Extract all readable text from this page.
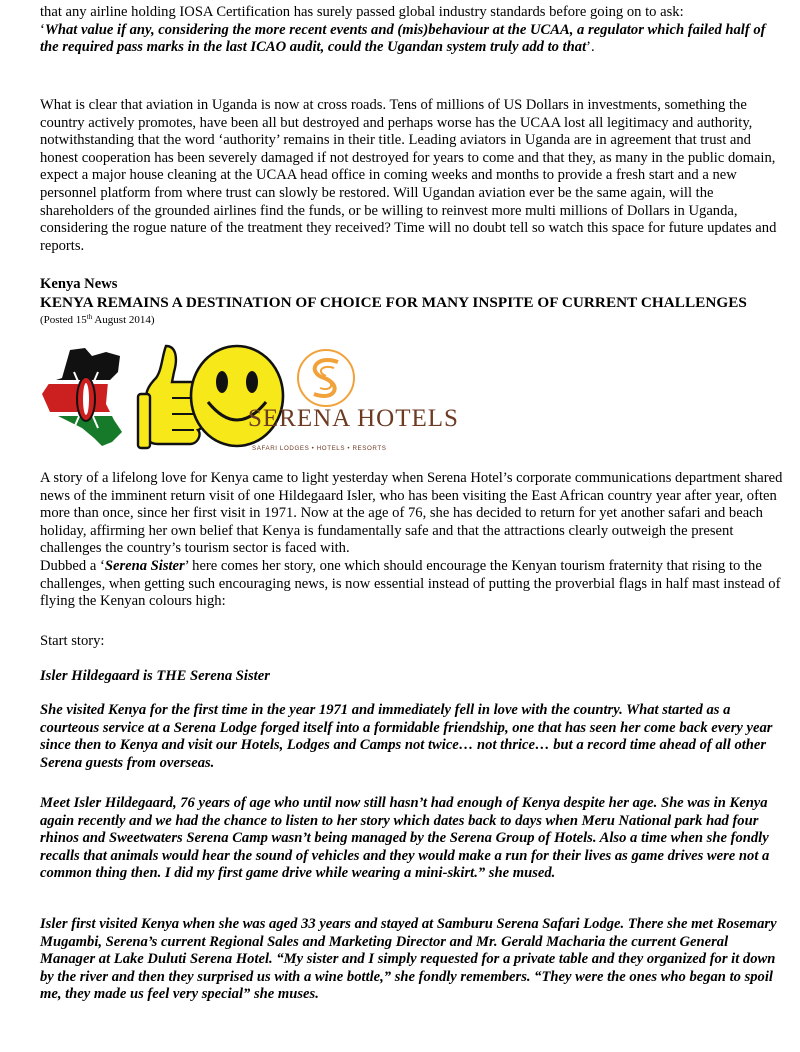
that any airline holding IOSA Certification has surely passed global industry standards before going on to ask:

‘What value if any, considering the more recent events and (mis)behaviour at the UCAA, a regulator which failed half of the required pass marks in the last ICAO audit, could the Ugandan system truly add to that’.

What is clear that aviation in Uganda is now at cross roads. Tens of millions of US Dollars in investments, something the country actively promotes, have been all but destroyed and perhaps worse has the UCAA lost all legitimacy and authority, notwithstanding that the word ‘authority’ remains in their title. Leading aviators in Uganda are in agreement that trust and honest cooperation has been severely damaged if not destroyed for years to come and that they, as many in the public domain, expect a major house cleaning at the UCAA head office in coming weeks and months to provide a fresh start and a new personnel platform from where trust can slowly be restored. Will Ugandan aviation ever be the same again, will the shareholders of the grounded airlines find the funds, or be willing to reinvest more multi millions of Dollars in Uganda, considering the rogue nature of the treatment they received? Time will no doubt tell so watch this space for future updates and reports.

Kenya News

KENYA REMAINS A DESTINATION OF CHOICE FOR MANY INSPITE OF CURRENT CHALLENGES

(Posted 15th August 2014)

SERENA HOTELS
SAFARI LODGES • HOTELS • RESORTS

A story of a lifelong love for Kenya came to light yesterday when Serena Hotel’s corporate communications department shared news of the imminent return visit of one Hildegaard Isler, who has been visiting the East African country year after year, often more than once, since her first visit in 1971. Now at the age of 76, she has decided to return for yet another safari and beach holiday, affirming her own belief that Kenya is fundamentally safe and that the attractions clearly outweigh the present challenges the country’s tourism sector is faced with.

Dubbed a ‘Serena Sister’ here comes her story, one which should encourage the Kenyan tourism fraternity that rising to the challenges, when getting such encouraging news, is now essential instead of putting the proverbial flags in half mast instead of flying the Kenyan colours high:

Start story:

Isler Hildegaard is THE Serena Sister

She visited Kenya for the first time in the year 1971 and immediately fell in love with the country. What started as a courteous service at a Serena Lodge forged itself into a formidable friendship, one that has seen her come back every year since then to Kenya and visit our Hotels, Lodges and Camps not twice… not thrice… but a record time ahead of all other Serena guests from overseas.

Meet Isler Hildegaard, 76 years of age who until now still hasn’t had enough of Kenya despite her age. She was in Kenya again recently and we had the chance to listen to her story which dates back to days when Meru National park had four rhinos and Sweetwaters Serena Camp wasn’t being managed by the Serena Group of Hotels. Also a time when she fondly recalls that animals would hear the sound of vehicles and they would make a run for their lives as game drives were not a common thing then. I did my first game drive while wearing a mini-skirt.” she mused.

Isler first visited Kenya when she was aged 33 years and stayed at Samburu Serena Safari Lodge. There she met Rosemary Mugambi, Serena’s current Regional Sales and Marketing Director and Mr. Gerald Macharia the current General Manager at Lake Duluti Serena Hotel. “My sister and I simply requested for a private table and they organized for it down by the river and then they surprised us with a wine bottle,” she fondly remembers. “They were the ones who began to spoil me, they made us feel very special” she muses.
